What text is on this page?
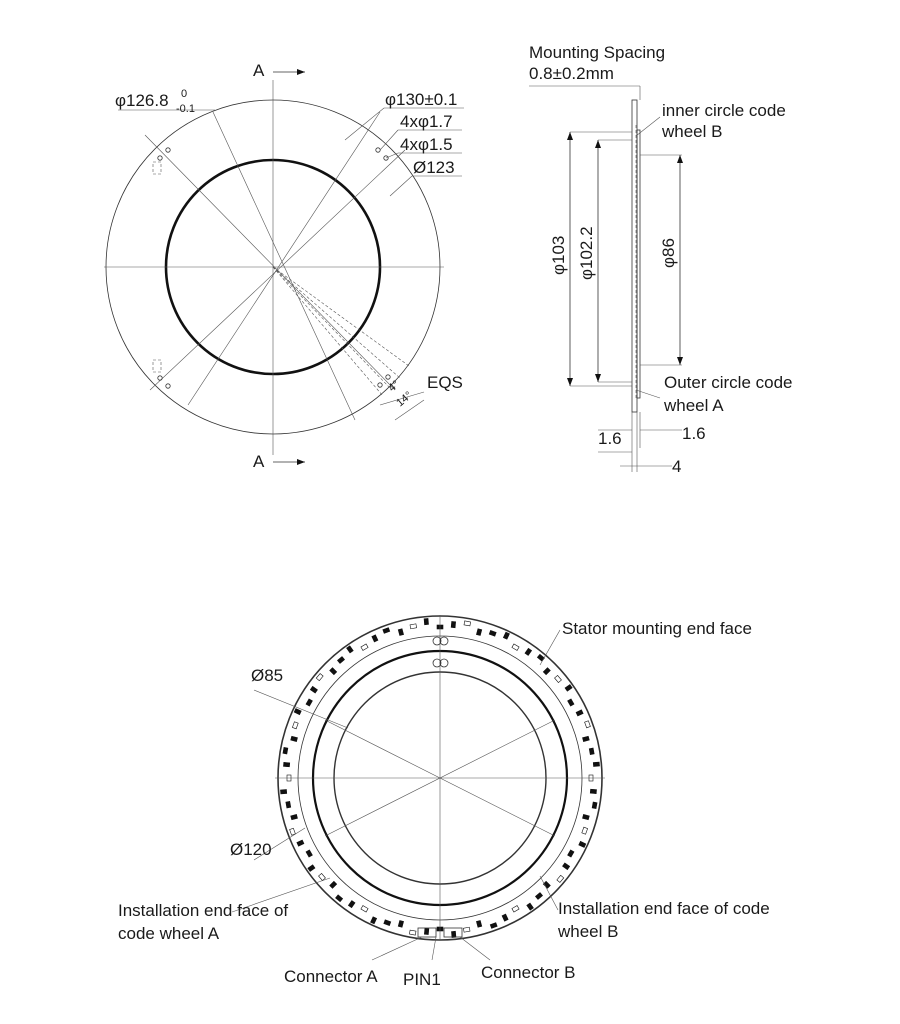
A
A
φ126.8 0
-0.1	φ130±0.1
4xφ1.7
4xφ1.5
Ø123
4°
14°
EQS
Mounting Spacing
0.8±0.2mm
inner circle code
wheel B
φ103 φ102.2	φ86
Outer circle code
wheel A
1.6	1.6
4
Stator mounting end face
Ø85
Ø120
Installation end face of
code wheel A
Installation end face of code
wheel B
Connector A PIN1 Connector B
